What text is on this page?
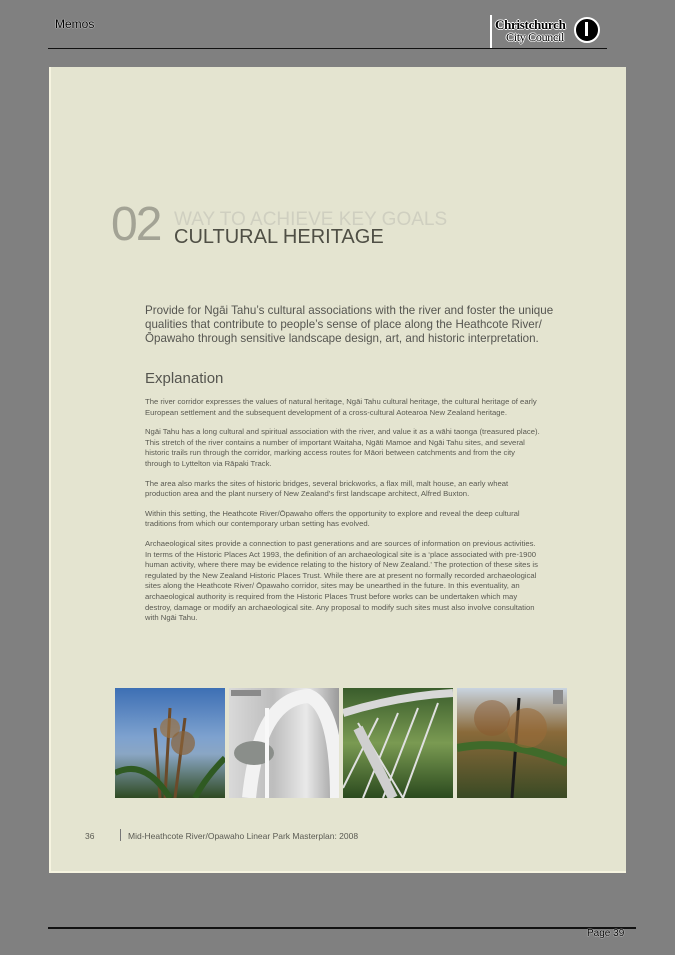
Memos	Christchurch
City Council
02 WAY TO ACHIEVE KEY GOALS
CULTURAL HERITAGE
Provide for Ngāi Tahu’s cultural associations with the river and foster the unique qualities that contribute to people’s sense of place along the Heathcote River/Ōpawaho through sensitive landscape design, art, and historic interpretation.
Explanation

The river corridor expresses the values of natural heritage, Ngāi Tahu cultural heritage, the cultural heritage of early European settlement and the subsequent development of a cross-cultural Aotearoa New Zealand heritage.

Ngāi Tahu has a long cultural and spiritual association with the river, and value it as a wāhi taonga (treasured place). This stretch of the river contains a number of important Waitaha, Ngāti Mamoe and Ngāi Tahu sites, and several historic trails run through the corridor, marking access routes for Māori between catchments and from the city through to Lyttelton via Rāpaki Track.

The area also marks the sites of historic bridges, several brickworks, a flax mill, malt house, an early wheat production area and the plant nursery of New Zealand’s first landscape architect, Alfred Buxton.

Within this setting, the Heathcote River/Ōpawaho offers the opportunity to explore and reveal the deep cultural traditions from which our contemporary urban setting has evolved.

Archaeological sites provide a connection to past generations and are sources of information on previous activities. In terms of the Historic Places Act 1993, the definition of an archaeological site is a ‘place associated with pre-1900 human activity, where there may be evidence relating to the history of New Zealand.’ The protection of these sites is regulated by the New Zealand Historic Places Trust. While there are at present no formally recorded archaeological sites along the Heathcote River/ Ōpawaho corridor, sites may be unearthed in the future. In this eventuality, an archaeological authority is required from the Historic Places Trust before works can be undertaken which may destroy, damage or modify an archaeological site. Any proposal to modify such sites must also involve consultation with Ngāi Tahu.

36	Mid-Heathcote River/Opawaho Linear Park Masterplan: 2008
Page 39
